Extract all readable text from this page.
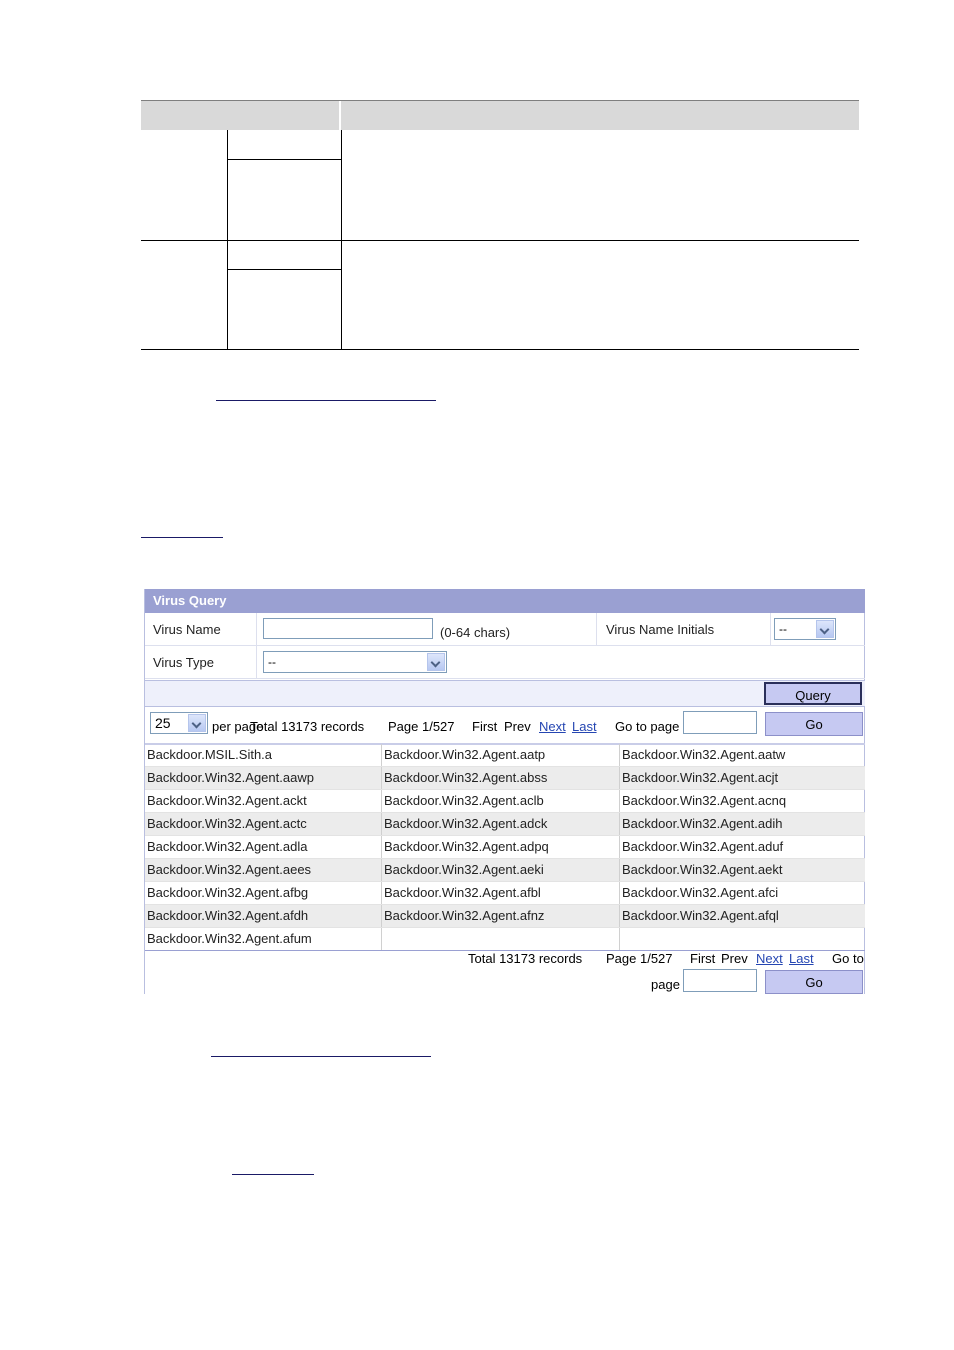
Virus Query
Virus Name	(0-64 chars)	Virus Name Initials	--
Virus Type	--
Query
25	per page
Total 13173 records Page 1/527 First Prev Next Last Go to page	Go
Backdoor.MSIL.Sith.a	Backdoor.Win32.Agent.aatp	Backdoor.Win32.Agent.aatw
Backdoor.Win32.Agent.aawp	Backdoor.Win32.Agent.abss	Backdoor.Win32.Agent.acjt
Backdoor.Win32.Agent.ackt	Backdoor.Win32.Agent.aclb	Backdoor.Win32.Agent.acnq
Backdoor.Win32.Agent.actc	Backdoor.Win32.Agent.adck	Backdoor.Win32.Agent.adih
Backdoor.Win32.Agent.adla	Backdoor.Win32.Agent.adpq	Backdoor.Win32.Agent.aduf
Backdoor.Win32.Agent.aees	Backdoor.Win32.Agent.aeki	Backdoor.Win32.Agent.aekt
Backdoor.Win32.Agent.afbg	Backdoor.Win32.Agent.afbl	Backdoor.Win32.Agent.afci
Backdoor.Win32.Agent.afdh	Backdoor.Win32.Agent.afnz	Backdoor.Win32.Agent.afql
Backdoor.Win32.Agent.afum
Total 13173 records Page 1/527 First Prev Next Last Go to
page	Go
